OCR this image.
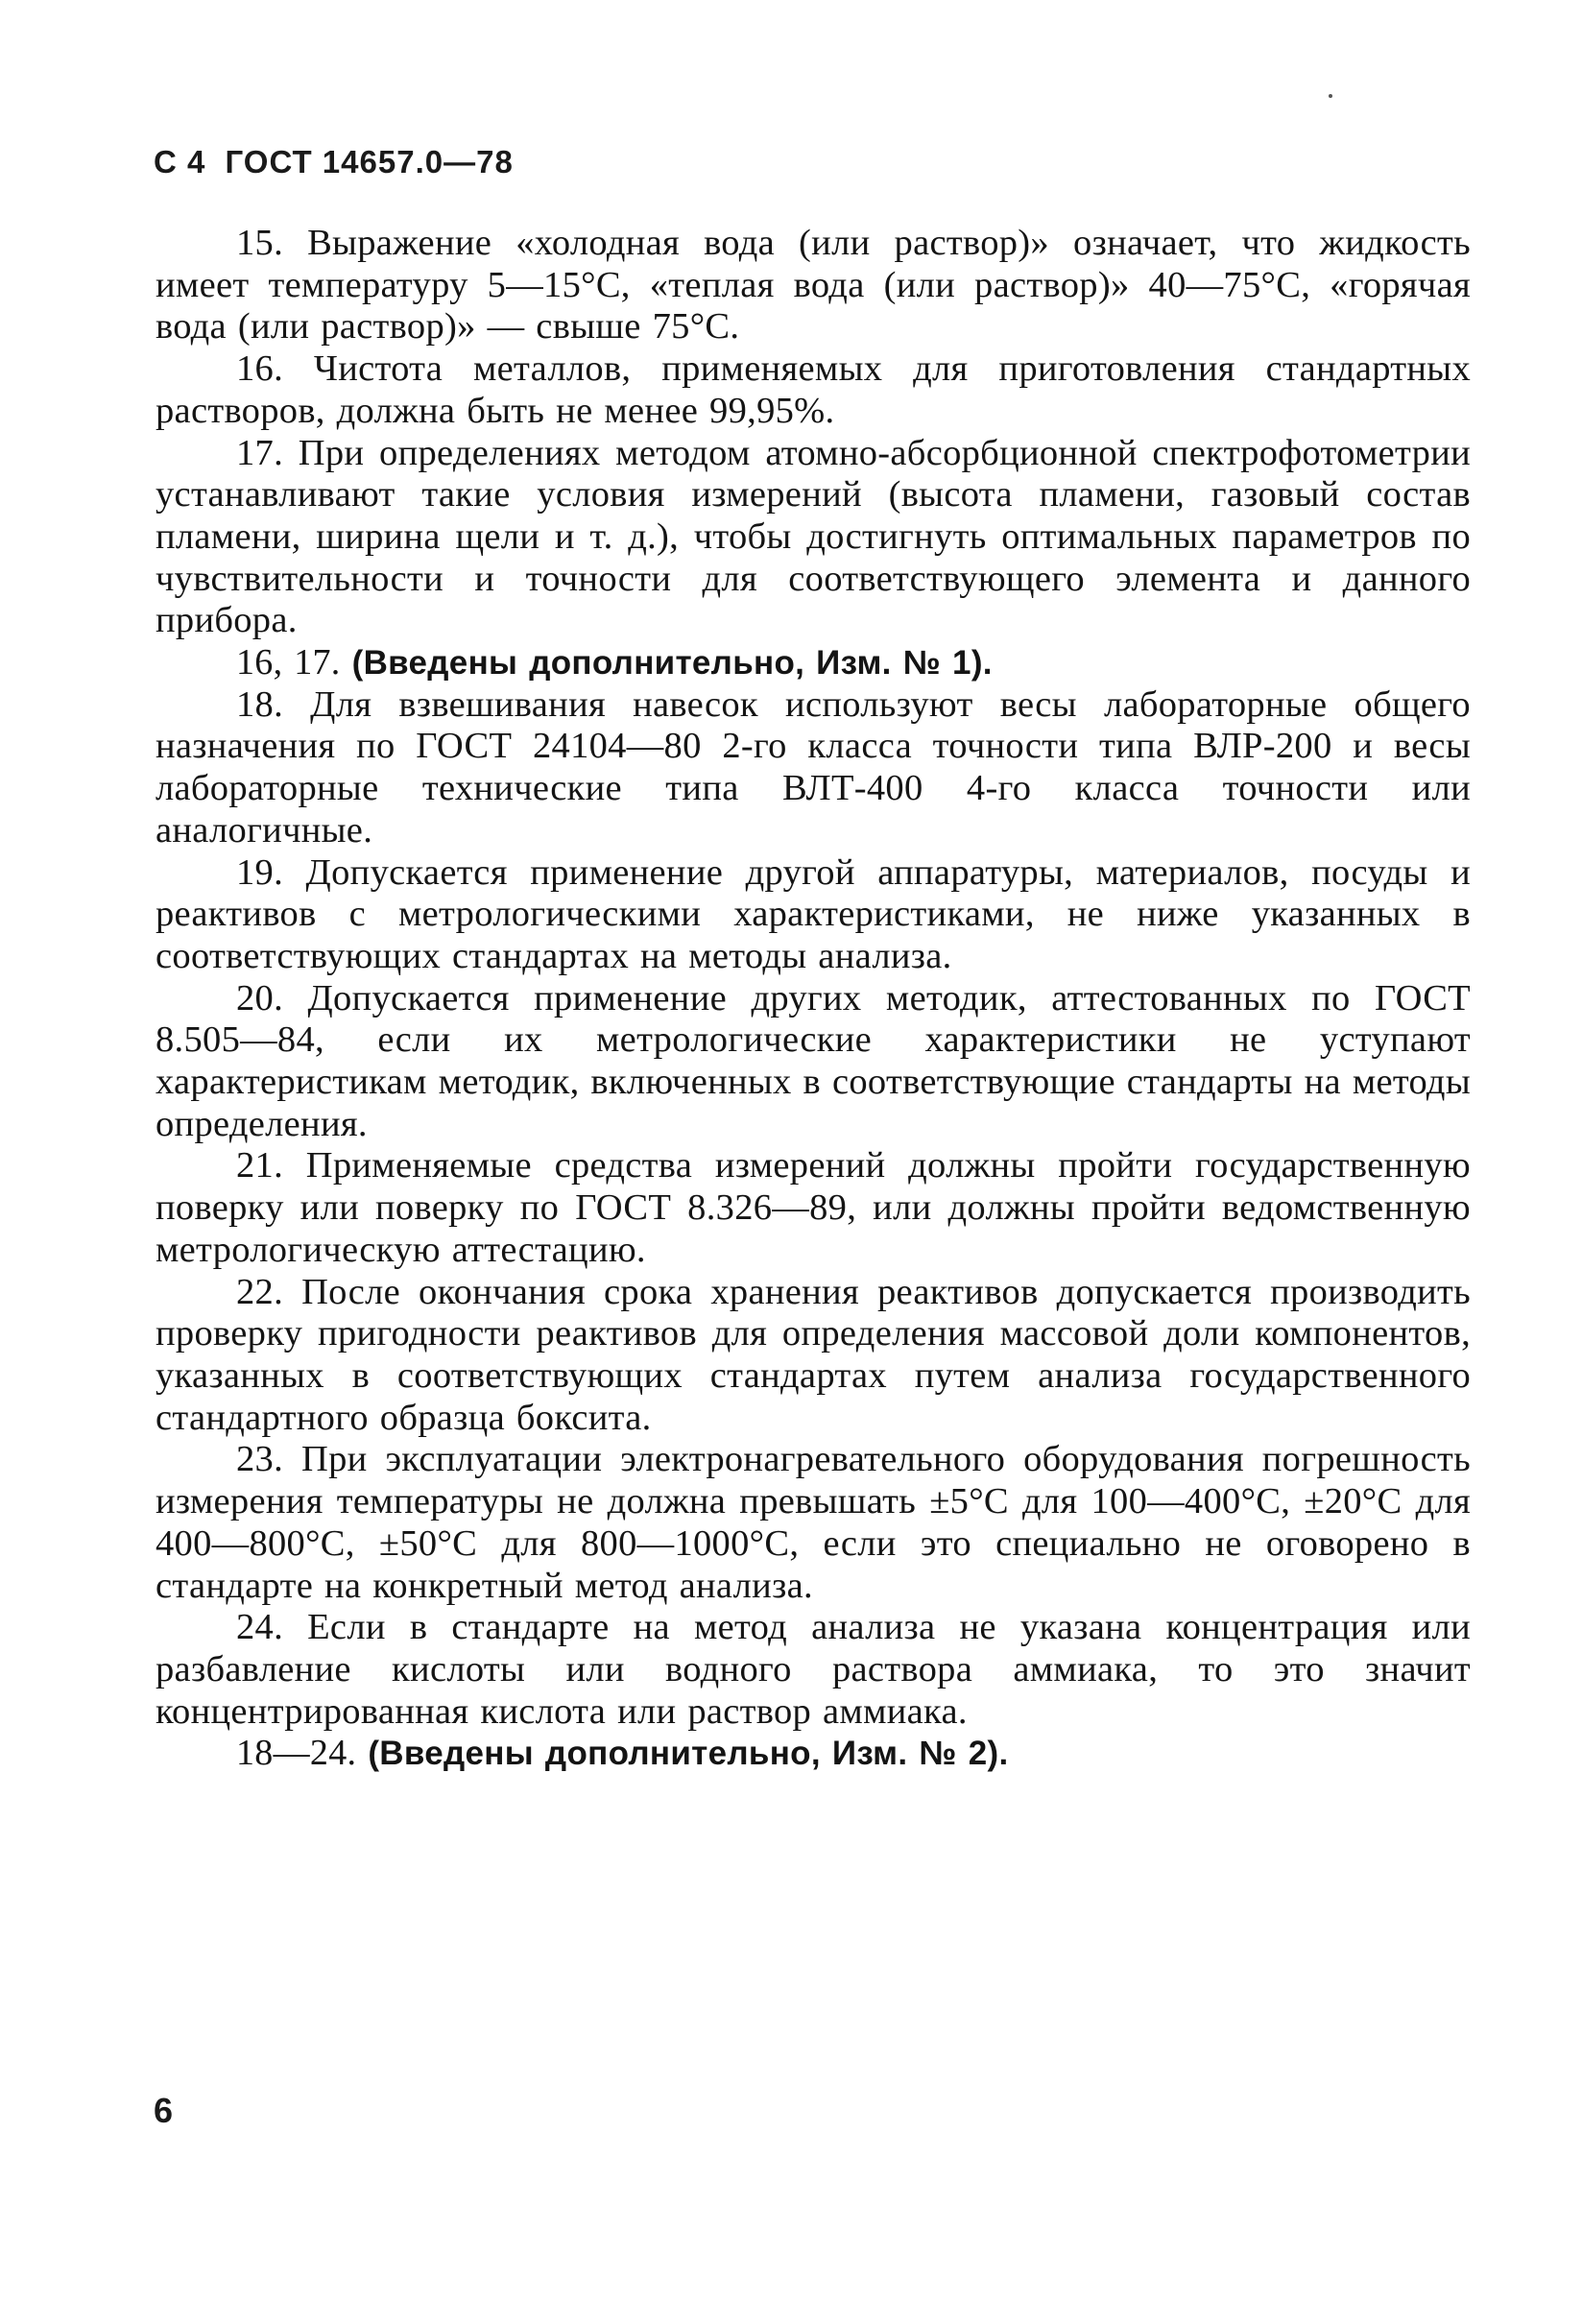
С 4 ГОСТ 14657.0—78

15. Выражение «холодная вода (или раствор)» означает, что жидкость имеет температуру 5—15°C, «теплая вода (или раствор)» 40—75°C, «горячая вода (или раствор)» — свыше 75°C.

16. Чистота металлов, применяемых для приготовления стандартных растворов, должна быть не менее 99,95%.

17. При определениях методом атомно-абсорбционной спектрофотометрии устанавливают такие условия измерений (высота пламени, газовый состав пламени, ширина щели и т. д.), чтобы достигнуть оптимальных параметров по чувствительности и точности для соответствующего элемента и данного прибора.

16, 17. (Введены дополнительно, Изм. № 1).

18. Для взвешивания навесок используют весы лабораторные общего назначения по ГОСТ 24104—80 2-го класса точности типа ВЛР-200 и весы лабораторные технические типа ВЛТ-400 4-го класса точности или аналогичные.

19. Допускается применение другой аппаратуры, материалов, посуды и реактивов с метрологическими характеристиками, не ниже указанных в соответствующих стандартах на методы анализа.

20. Допускается применение других методик, аттестованных по ГОСТ 8.505—84, если их метрологические характеристики не уступают характеристикам методик, включенных в соответствующие стандарты на методы определения.

21. Применяемые средства измерений должны пройти государственную поверку или поверку по ГОСТ 8.326—89, или должны пройти ведомственную метрологическую аттестацию.

22. После окончания срока хранения реактивов допускается производить проверку пригодности реактивов для определения массовой доли компонентов, указанных в соответствующих стандартах путем анализа государственного стандартного образца боксита.

23. При эксплуатации электронагревательного оборудования погрешность измерения температуры не должна превышать ±5°C для 100—400°C, ±20°C для 400—800°C, ±50°C для 800—1000°C, если это специально не оговорено в стандарте на конкретный метод анализа.

24. Если в стандарте на метод анализа не указана концентрация или разбавление кислоты или водного раствора аммиака, то это значит концентрированная кислота или раствор аммиака.

18—24. (Введены дополнительно, Изм. № 2).

6
